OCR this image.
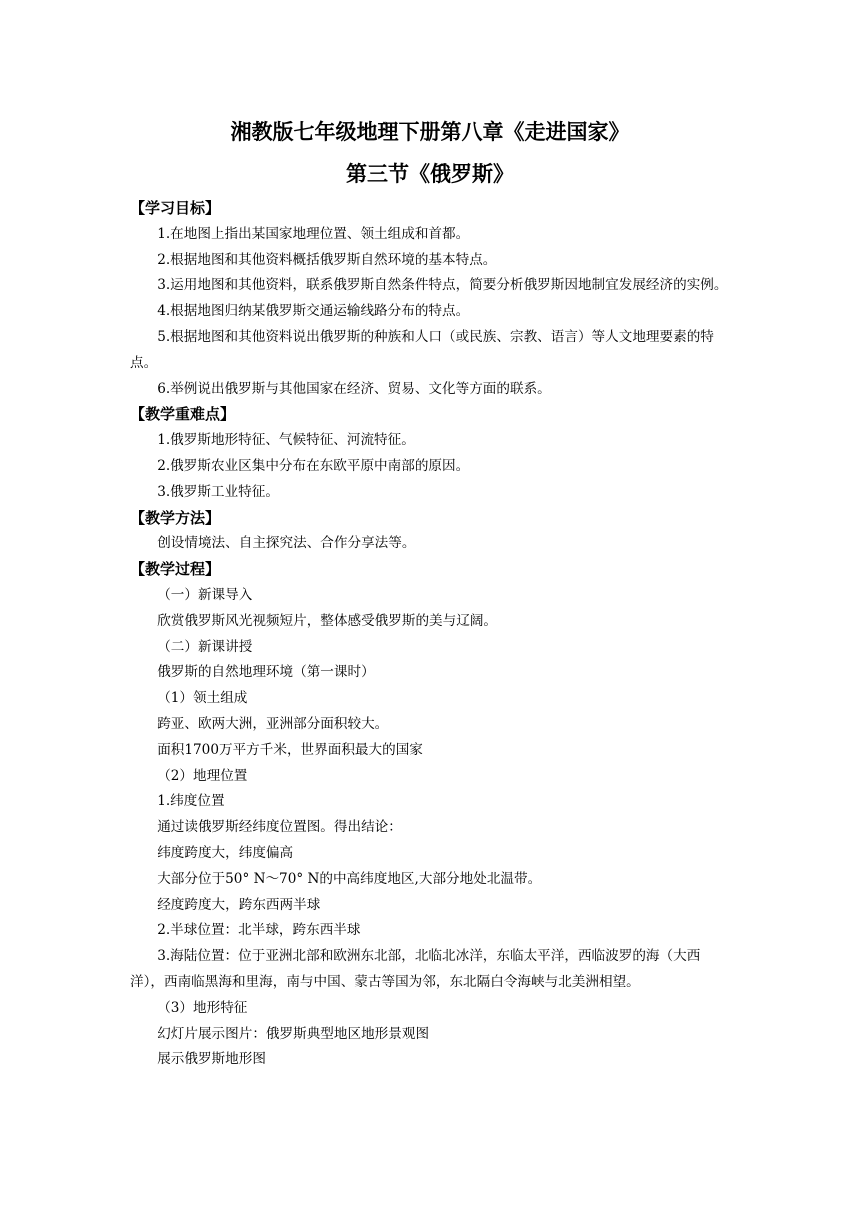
湘教版七年级地理下册第八章《走进国家》
第三节《俄罗斯》

【学习目标】

1.在地图上指出某国家地理位置、领土组成和首都。

2.根据地图和其他资料概括俄罗斯自然环境的基本特点。

3.运用地图和其他资料，联系俄罗斯自然条件特点，简要分析俄罗斯因地制宜发展经济的实例。

4.根据地图归纳某俄罗斯交通运输线路分布的特点。

5.根据地图和其他资料说出俄罗斯的种族和人口（或民族、宗教、语言）等人文地理要素的特点。

6.举例说出俄罗斯与其他国家在经济、贸易、文化等方面的联系。

【教学重难点】

1.俄罗斯地形特征、气候特征、河流特征。

2.俄罗斯农业区集中分布在东欧平原中南部的原因。

3.俄罗斯工业特征。

【教学方法】

创设情境法、自主探究法、合作分享法等。

【教学过程】

（一）新课导入

欣赏俄罗斯风光视频短片，整体感受俄罗斯的美与辽阔。

（二）新课讲授

俄罗斯的自然地理环境（第一课时）

（1）领土组成

跨亚、欧两大洲，亚洲部分面积较大。

面积1700万平方千米，世界面积最大的国家

（2）地理位置

1.纬度位置

通过读俄罗斯经纬度位置图。得出结论：

纬度跨度大，纬度偏高

大部分位于50° N～70° N的中高纬度地区,大部分地处北温带。

经度跨度大，跨东西两半球

2.半球位置：北半球，跨东西半球

3.海陆位置：位于亚洲北部和欧洲东北部，北临北冰洋，东临太平洋，西临波罗的海（大西洋），西南临黑海和里海，南与中国、蒙古等国为邻，东北隔白令海峡与北美洲相望。

（3）地形特征

幻灯片展示图片：俄罗斯典型地区地形景观图

展示俄罗斯地形图
